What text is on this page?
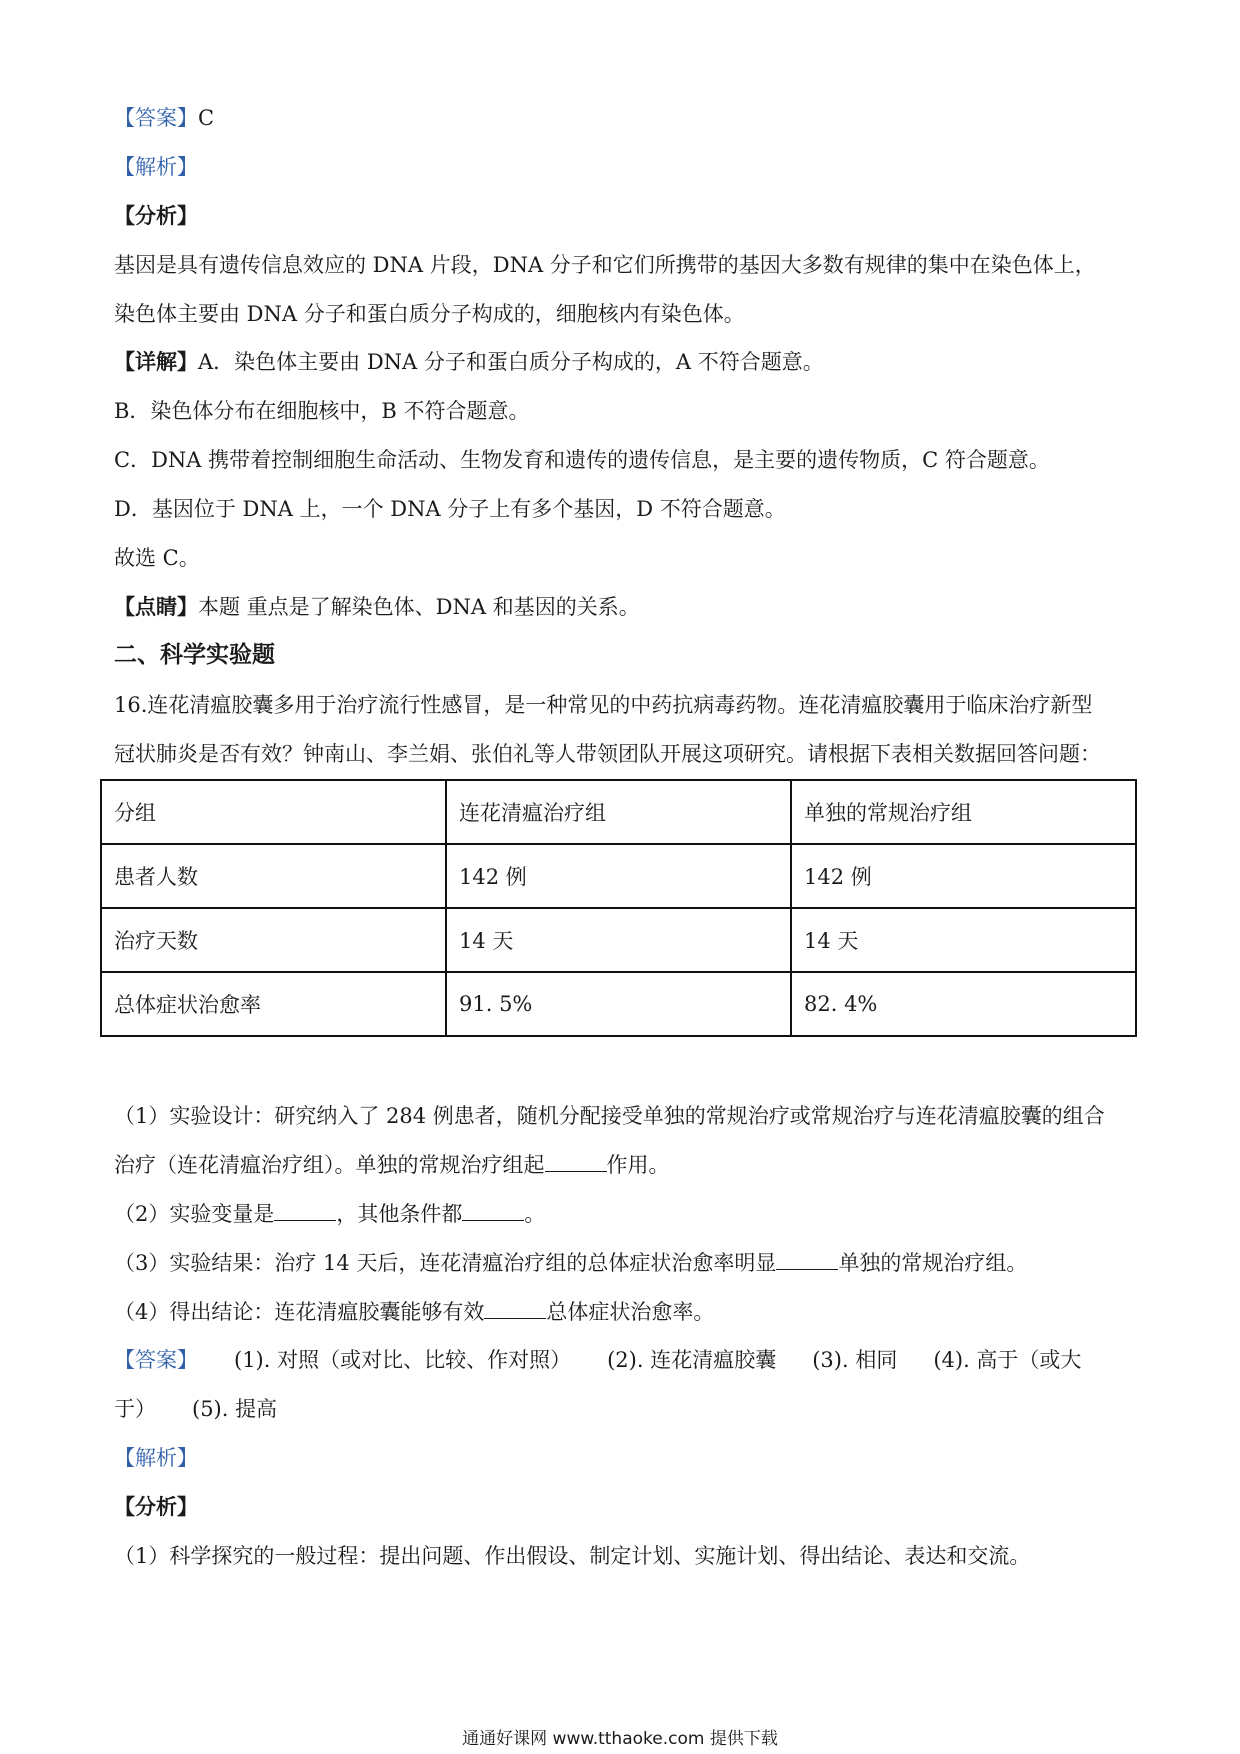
【答案】C
【解析】
【分析】
基因是具有遗传信息效应的 DNA 片段，DNA 分子和它们所携带的基因大多数有规律的集中在染色体上，
染色体主要由 DNA 分子和蛋白质分子构成的，细胞核内有染色体。
【详解】A．染色体主要由 DNA 分子和蛋白质分子构成的，A 不符合题意。
B．染色体分布在细胞核中，B 不符合题意。
C．DNA 携带着控制细胞生命活动、生物发育和遗传的遗传信息，是主要的遗传物质，C 符合题意。
D．基因位于 DNA 上，一个 DNA 分子上有多个基因，D 不符合题意。
故选 C。
【点睛】本题 重点是了解染色体、DNA 和基因的关系。
二、科学实验题
16.连花清瘟胶囊多用于治疗流行性感冒，是一种常见的中药抗病毒药物。连花清瘟胶囊用于临床治疗新型
冠状肺炎是否有效？钟南山、李兰娟、张伯礼等人带领团队开展这项研究。请根据下表相关数据回答问题：
分组	连花清瘟治疗组	单独的常规治疗组
患者人数	142 例	142 例
治疗天数	14 天	14 天
总体症状治愈率	91. 5%	82. 4%
（1）实验设计：研究纳入了 284 例患者，随机分配接受单独的常规治疗或常规治疗与连花清瘟胶囊的组合
治疗（连花清瘟治疗组）。单独的常规治疗组起	作用。
（2）实验变量是	，其他条件都	。
（3）实验结果：治疗 14 天后，连花清瘟治疗组的总体症状治愈率明显	单独的常规治疗组。
（4）得出结论：连花清瘟胶囊能够有效	总体症状治愈率。
【答案】 (1). 对照（或对比、比较、作对照） (2). 连花清瘟胶囊 (3). 相同 (4). 高于（或大
于） (5). 提高
【解析】
【分析】
（1）科学探究的一般过程：提出问题、作出假设、制定计划、实施计划、得出结论、表达和交流。
通通好课网 www.tthaoke.com 提供下载
